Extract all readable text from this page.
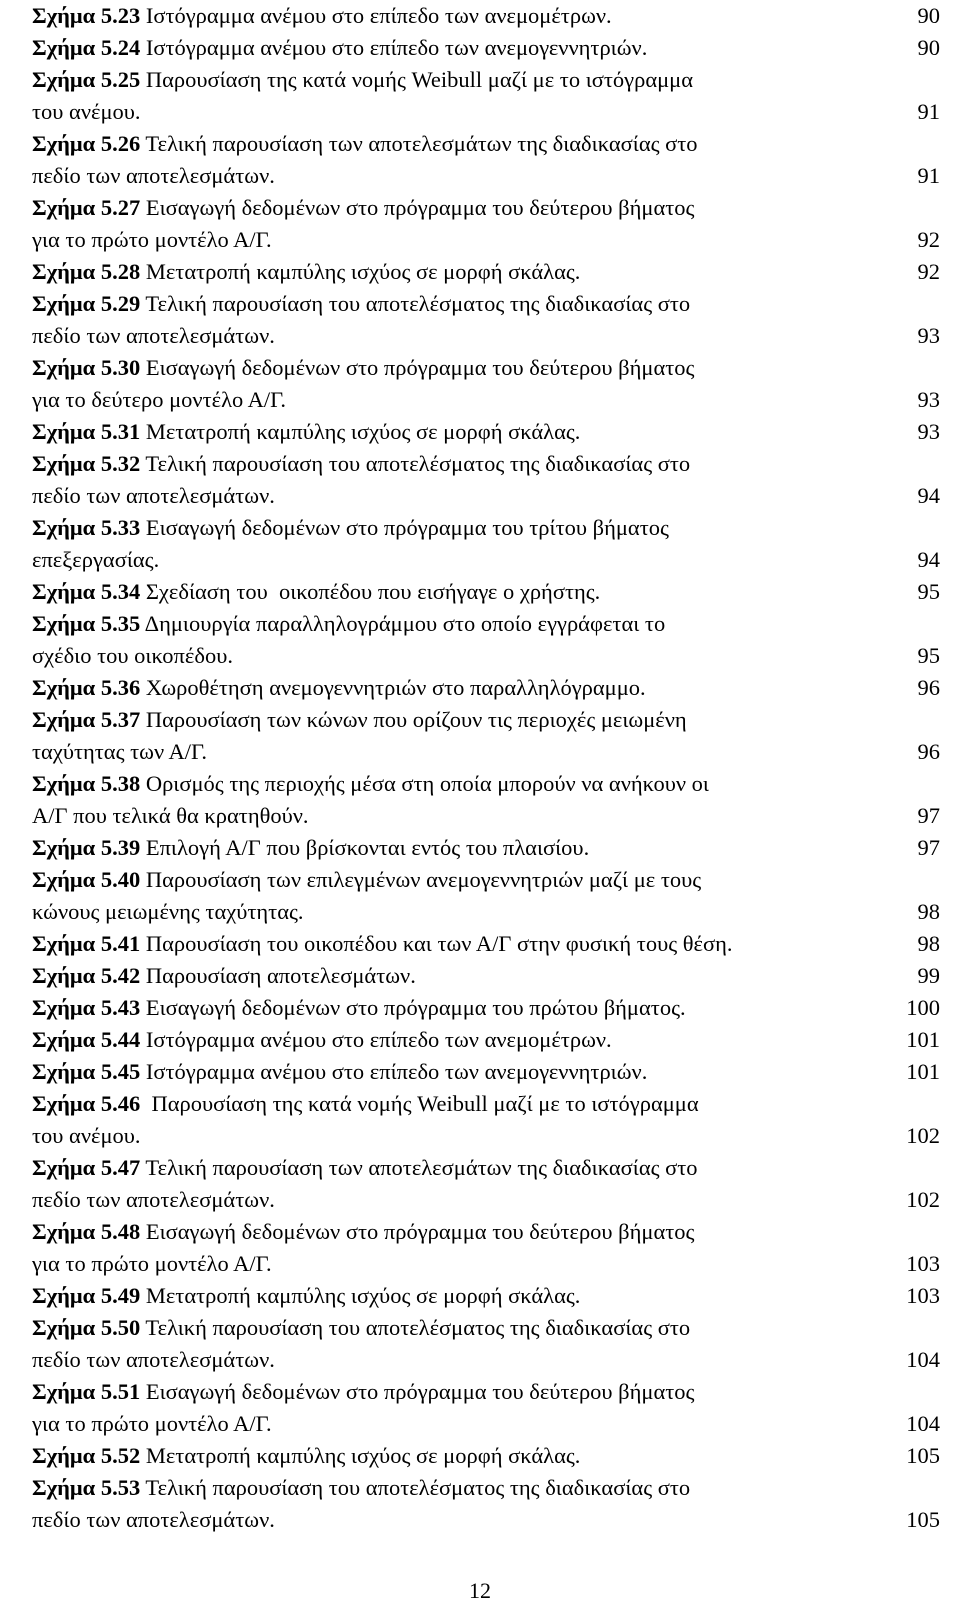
Σχήμα 5.23 Ιστόγραμμα ανέμου στο επίπεδο των ανεμομέτρων.	90
Σχήμα 5.24 Ιστόγραμμα ανέμου στο επίπεδο των ανεμογεννητριών.	90
Σχήμα 5.25 Παρουσίαση της κατά νομής Weibull μαζί με το ιστόγραμμα
του ανέμου.	91
Σχήμα 5.26 Τελική παρουσίαση των αποτελεσμάτων της διαδικασίας στο
πεδίο των αποτελεσμάτων.	91
Σχήμα 5.27 Εισαγωγή δεδομένων στο πρόγραμμα του δεύτερου βήματος
για το πρώτο μοντέλο Α/Γ.	92
Σχήμα 5.28 Μετατροπή καμπύλης ισχύος σε μορφή σκάλας.	92
Σχήμα 5.29 Τελική παρουσίαση του αποτελέσματος της διαδικασίας στο
πεδίο των αποτελεσμάτων.	93
Σχήμα 5.30 Εισαγωγή δεδομένων στο πρόγραμμα του δεύτερου βήματος
για το δεύτερο μοντέλο Α/Γ.	93
Σχήμα 5.31 Μετατροπή καμπύλης ισχύος σε μορφή σκάλας.	93
Σχήμα 5.32 Τελική παρουσίαση του αποτελέσματος της διαδικασίας στο
πεδίο των αποτελεσμάτων.	94
Σχήμα 5.33 Εισαγωγή δεδομένων στο πρόγραμμα του τρίτου βήματος
επεξεργασίας.	94
Σχήμα 5.34 Σχεδίαση του  οικοπέδου που εισήγαγε ο χρήστης.	95
Σχήμα 5.35 Δημιουργία παραλληλογράμμου στο οποίο εγγράφεται το
σχέδιο του οικοπέδου.	95
Σχήμα 5.36 Χωροθέτηση ανεμογεννητριών στο παραλληλόγραμμο.	96
Σχήμα 5.37 Παρουσίαση των κώνων που ορίζουν τις περιοχές μειωμένη
ταχύτητας των Α/Γ.	96
Σχήμα 5.38 Ορισμός της περιοχής μέσα στη οποία μπορούν να ανήκουν οι
Α/Γ που τελικά θα κρατηθούν.	97
Σχήμα 5.39 Επιλογή Α/Γ που βρίσκονται εντός του πλαισίου.	97
Σχήμα 5.40 Παρουσίαση των επιλεγμένων ανεμογεννητριών μαζί με τους
κώνους μειωμένης ταχύτητας.	98
Σχήμα 5.41 Παρουσίαση του οικοπέδου και των Α/Γ στην φυσική τους θέση.	98
Σχήμα 5.42 Παρουσίαση αποτελεσμάτων.	99
Σχήμα 5.43 Εισαγωγή δεδομένων στο πρόγραμμα του πρώτου βήματος.	100
Σχήμα 5.44 Ιστόγραμμα ανέμου στο επίπεδο των ανεμομέτρων.	101
Σχήμα 5.45 Ιστόγραμμα ανέμου στο επίπεδο των ανεμογεννητριών.	101
Σχήμα 5.46  Παρουσίαση της κατά νομής Weibull μαζί με το ιστόγραμμα
του ανέμου.	102
Σχήμα 5.47 Τελική παρουσίαση των αποτελεσμάτων της διαδικασίας στο
πεδίο των αποτελεσμάτων.	102
Σχήμα 5.48 Εισαγωγή δεδομένων στο πρόγραμμα του δεύτερου βήματος
για το πρώτο μοντέλο Α/Γ.	103
Σχήμα 5.49 Μετατροπή καμπύλης ισχύος σε μορφή σκάλας.	103
Σχήμα 5.50 Τελική παρουσίαση του αποτελέσματος της διαδικασίας στο
πεδίο των αποτελεσμάτων.	104
Σχήμα 5.51 Εισαγωγή δεδομένων στο πρόγραμμα του δεύτερου βήματος
για το πρώτο μοντέλο Α/Γ.	104
Σχήμα 5.52 Μετατροπή καμπύλης ισχύος σε μορφή σκάλας.	105
Σχήμα 5.53 Τελική παρουσίαση του αποτελέσματος της διαδικασίας στο
πεδίο των αποτελεσμάτων.	105
12
